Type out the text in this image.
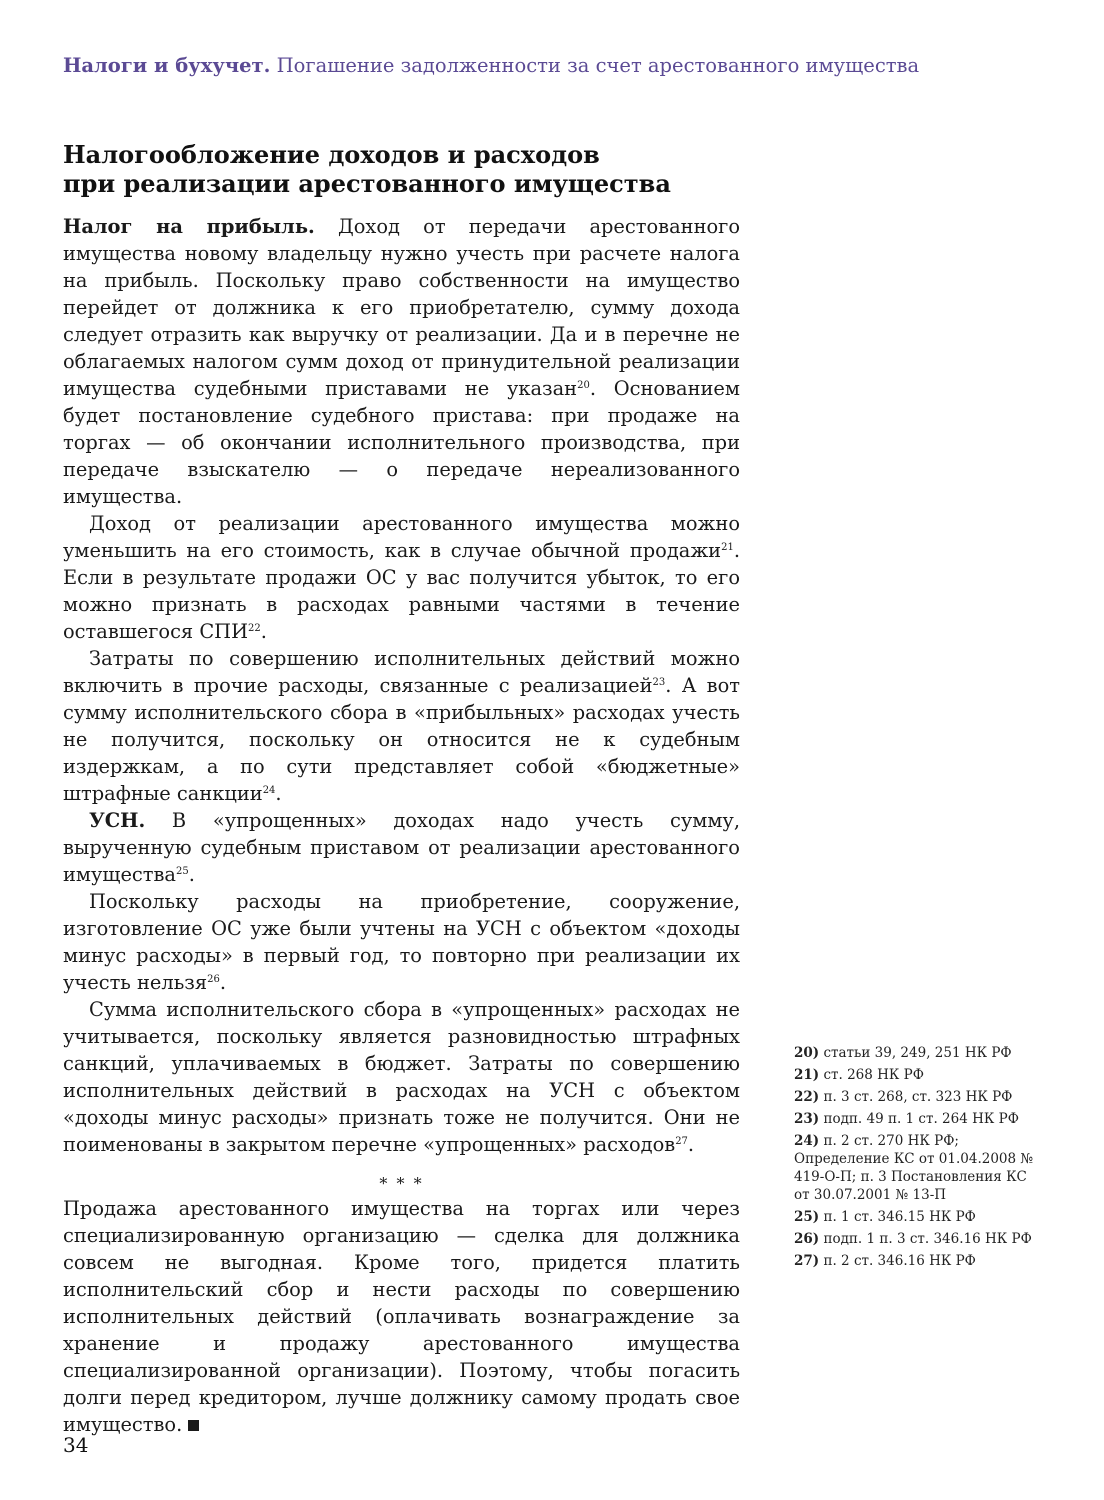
Налоги и бухучет. Погашение задолженности за счет арестованного имущества
Налогообложение доходов и расходов
при реализации арестованного имущества

Налог на прибыль. Доход от передачи арестованного имущества новому владельцу нужно учесть при расчете налога на прибыль. Поскольку право собственности на имущество перейдет от должника к его приобретателю, сумму дохода следует отразить как выручку от реализации. Да и в перечне не облагаемых налогом сумм доход от принудительной реализации имущества судебными приставами не указан$^{20}$. Основанием будет постановление судебного пристава: при продаже на торгах — об окончании исполнительного производства, при передаче взыскателю — о передаче нереализованного имущества.

Доход от реализации арестованного имущества можно уменьшить на его стоимость, как в случае обычной продажи$^{21}$. Если в результате продажи ОС у вас получится убыток, то его можно признать в расходах равными частями в течение оставшегося СПИ$^{22}$.

Затраты по совершению исполнительных действий можно включить в прочие расходы, связанные с реализацией$^{23}$. А вот сумму исполнительского сбора в «прибыльных» расходах учесть не получится, поскольку он относится не к судебным издержкам, а по сути представляет собой «бюджетные» штрафные санкции$^{24}$.

УСН. В «упрощенных» доходах надо учесть сумму, вырученную судебным приставом от реализации арестованного имущества$^{25}$.

Поскольку расходы на приобретение, сооружение, изготовление ОС уже были учтены на УСН с объектом «доходы минус расходы» в первый год, то повторно при реализации их учесть нельзя$^{26}$.

Сумма исполнительского сбора в «упрощенных» расходах не учитывается, поскольку является разновидностью штрафных санкций, уплачиваемых в бюджет. Затраты по совершению исполнительных действий в расходах на УСН с объектом «доходы минус расходы» признать тоже не получится. Они не поименованы в закрытом перечне «упрощенных» расходов$^{27}$.

* * *

Продажа арестованного имущества на торгах или через специализированную организацию — сделка для должника совсем не выгодная. Кроме того, придется платить исполнительский сбор и нести расходы по совершению исполнительных действий (оплачивать вознаграждение за хранение и продажу арестованного имущества специализированной организации). Поэтому, чтобы погасить долги перед кредитором, лучше должнику самому продать свое имущество.

20) статьи 39, 249, 251 НК РФ
21) ст. 268 НК РФ
22) п. 3 ст. 268, ст. 323 НК РФ
23) подп. 49 п. 1 ст. 264 НК РФ
24) п. 2 ст. 270 НК РФ; Определение КС от 01.04.2008 № 419-О-П; п. 3 Постановления КС от 30.07.2001 № 13-П
25) п. 1 ст. 346.15 НК РФ
26) подп. 1 п. 3 ст. 346.16 НК РФ
27) п. 2 ст. 346.16 НК РФ
34
